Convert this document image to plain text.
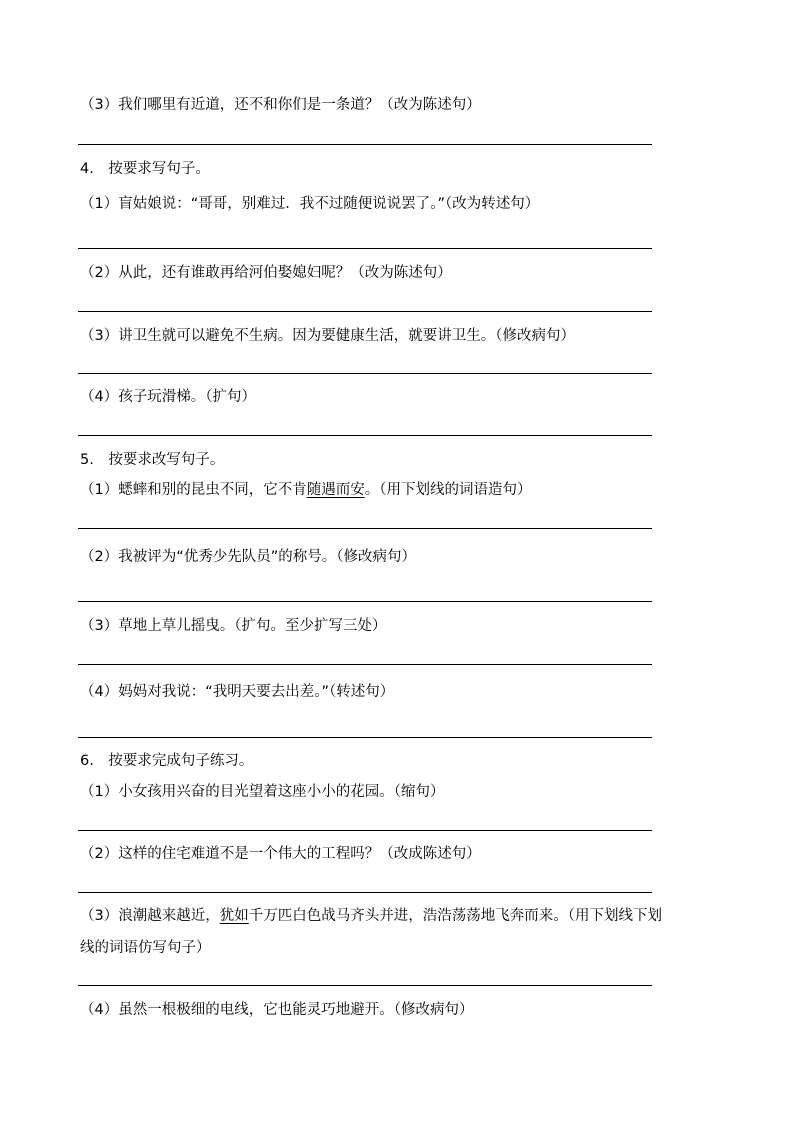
（3）我们哪里有近道，还不和你们是一条道？（改为陈述句）
4.　按要求写句子。
（1）盲姑娘说：“哥哥，别难过．我不过随便说说罢了。”（改为转述句）
（2）从此，还有谁敢再给河伯娶媳妇呢？（改为陈述句）
（3）讲卫生就可以避免不生病。因为要健康生活，就要讲卫生。（修改病句）
（4）孩子玩滑梯。（扩句）
5.　按要求改写句子。
（1）蟋蟀和别的昆虫不同，它不肯随遇而安。（用下划线的词语造句）
（2）我被评为“优秀少先队员”的称号。（修改病句）
（3）草地上草儿摇曳。（扩句。至少扩写三处）
（4）妈妈对我说：“我明天要去出差。”（转述句）
6.　按要求完成句子练习。
（1）小女孩用兴奋的目光望着这座小小的花园。（缩句）
（2）这样的住宅难道不是一个伟大的工程吗？（改成陈述句）
（3）浪潮越来越近，犹如千万匹白色战马齐头并进，浩浩荡荡地飞奔而来。（用下划线下划
线的词语仿写句子）
（4）虽然一根极细的电线，它也能灵巧地避开。（修改病句）
